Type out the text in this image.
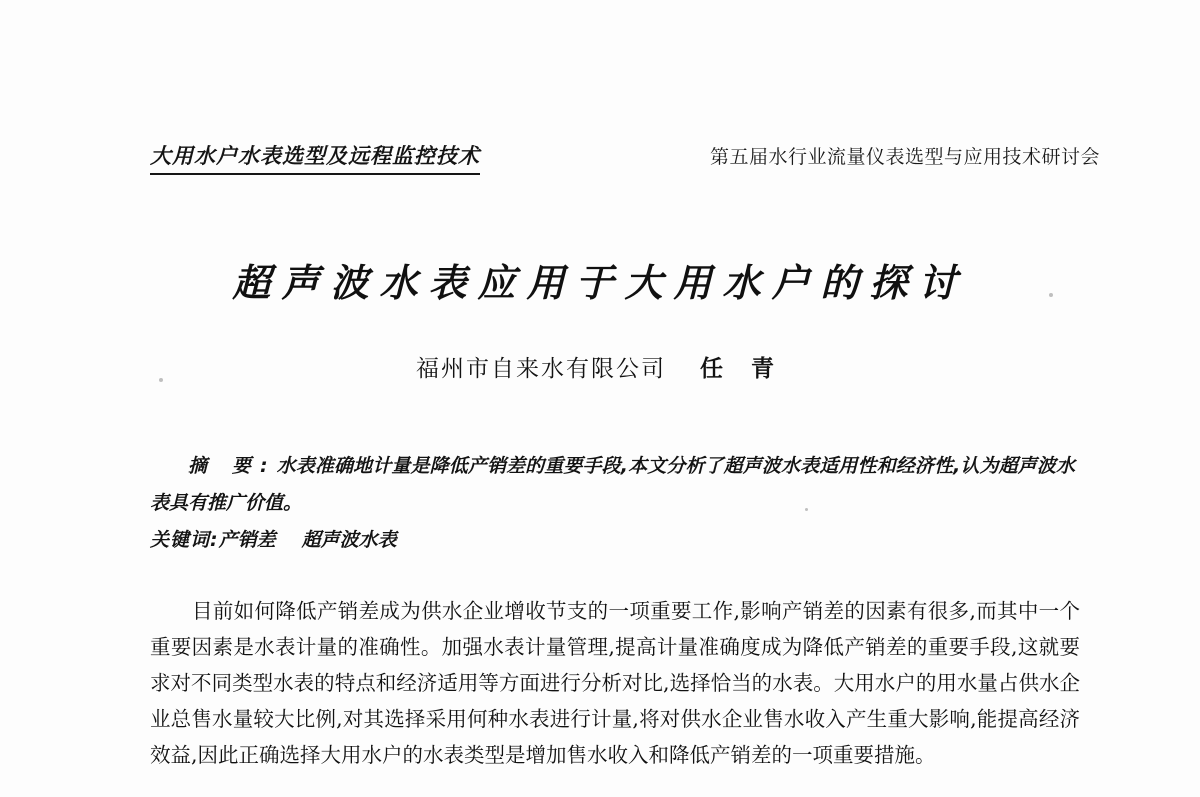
大用水户水表选型及远程监控技术	第五届水行业流量仪表选型与应用技术研讨会
超声波水表应用于大用水户的探讨
福州市自来水有限公司 任 青

摘 要:水表准确地计量是降低产销差的重要手段,本文分析了超声波水表适用性和经济性,认为超声波水表具有推广价值。

关键词:产销差 超声波水表

目前如何降低产销差成为供水企业增收节支的一项重要工作,影响产销差的因素有很多,而其中一个重要因素是水表计量的准确性。加强水表计量管理,提高计量准确度成为降低产销差的重要手段,这就要求对不同类型水表的特点和经济适用等方面进行分析对比,选择恰当的水表。大用水户的用水量占供水企业总售水量较大比例,对其选择采用何种水表进行计量,将对供水企业售水收入产生重大影响,能提高经济效益,因此正确选择大用水户的水表类型是增加售水收入和降低产销差的一项重要措施。
